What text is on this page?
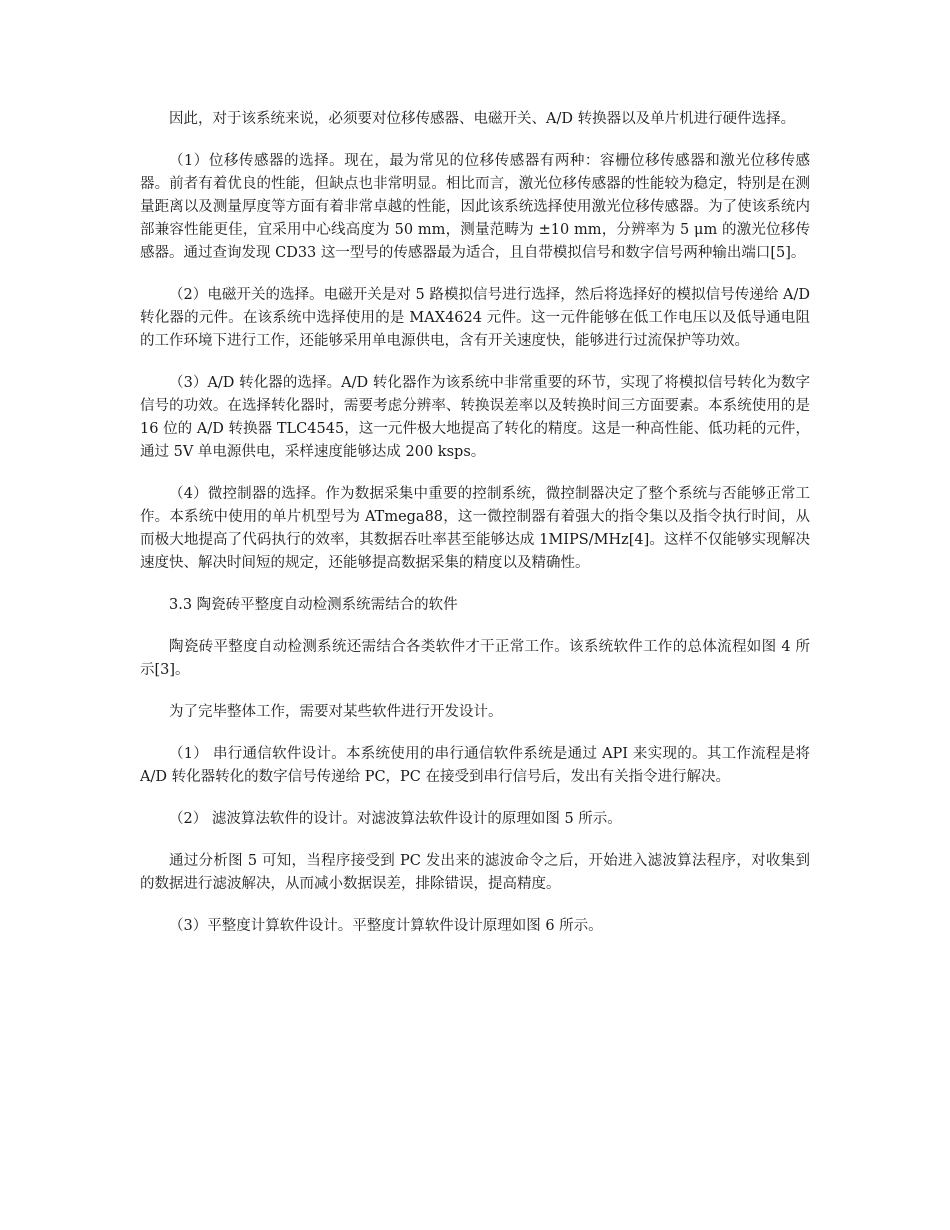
因此，对于该系统来说，必须要对位移传感器、电磁开关、A/D 转换器以及单片机进行硬件选择。

（1）位移传感器的选择。现在，最为常见的位移传感器有两种：容栅位移传感器和激光位移传感器。前者有着优良的性能，但缺点也非常明显。相比而言，激光位移传感器的性能较为稳定，特别是在测量距离以及测量厚度等方面有着非常卓越的性能，因此该系统选择使用激光位移传感器。为了使该系统内部兼容性能更佳，宜采用中心线高度为 50 mm，测量范畴为 ±10 mm，分辨率为 5 μm 的激光位移传感器。通过查询发现 CD33 这一型号的传感器最为适合，且自带模拟信号和数字信号两种输出端口[5]。

（2）电磁开关的选择。电磁开关是对 5 路模拟信号进行选择，然后将选择好的模拟信号传递给 A/D 转化器的元件。在该系统中选择使用的是 MAX4624 元件。这一元件能够在低工作电压以及低导通电阻的工作环境下进行工作，还能够采用单电源供电，含有开关速度快，能够进行过流保护等功效。

（3）A/D 转化器的选择。A/D 转化器作为该系统中非常重要的环节，实现了将模拟信号转化为数字信号的功效。在选择转化器时，需要考虑分辨率、转换误差率以及转换时间三方面要素。本系统使用的是 16 位的 A/D 转换器 TLC4545，这一元件极大地提高了转化的精度。这是一种高性能、低功耗的元件，通过 5V 单电源供电，采样速度能够达成 200 ksps。

（4）微控制器的选择。作为数据采集中重要的控制系统，微控制器决定了整个系统与否能够正常工作。本系统中使用的单片机型号为 ATmega88，这一微控制器有着强大的指令集以及指令执行时间，从而极大地提高了代码执行的效率，其数据吞吐率甚至能够达成 1MIPS/MHz[4]。这样不仅能够实现解决速度快、解决时间短的规定，还能够提高数据采集的精度以及精确性。

3.3 陶瓷砖平整度自动检测系统需结合的软件

陶瓷砖平整度自动检测系统还需结合各类软件才干正常工作。该系统软件工作的总体流程如图 4 所示[3]。

为了完毕整体工作，需要对某些软件进行开发设计。

（1） 串行通信软件设计。本系统使用的串行通信软件系统是通过 API 来实现的。其工作流程是将 A/D 转化器转化的数字信号传递给 PC，PC 在接受到串行信号后，发出有关指令进行解决。

（2） 滤波算法软件的设计。对滤波算法软件设计的原理如图 5 所示。

通过分析图 5 可知，当程序接受到 PC 发出来的滤波命令之后，开始进入滤波算法程序，对收集到的数据进行滤波解决，从而减小数据误差，排除错误，提高精度。

（3）平整度计算软件设计。平整度计算软件设计原理如图 6 所示。
